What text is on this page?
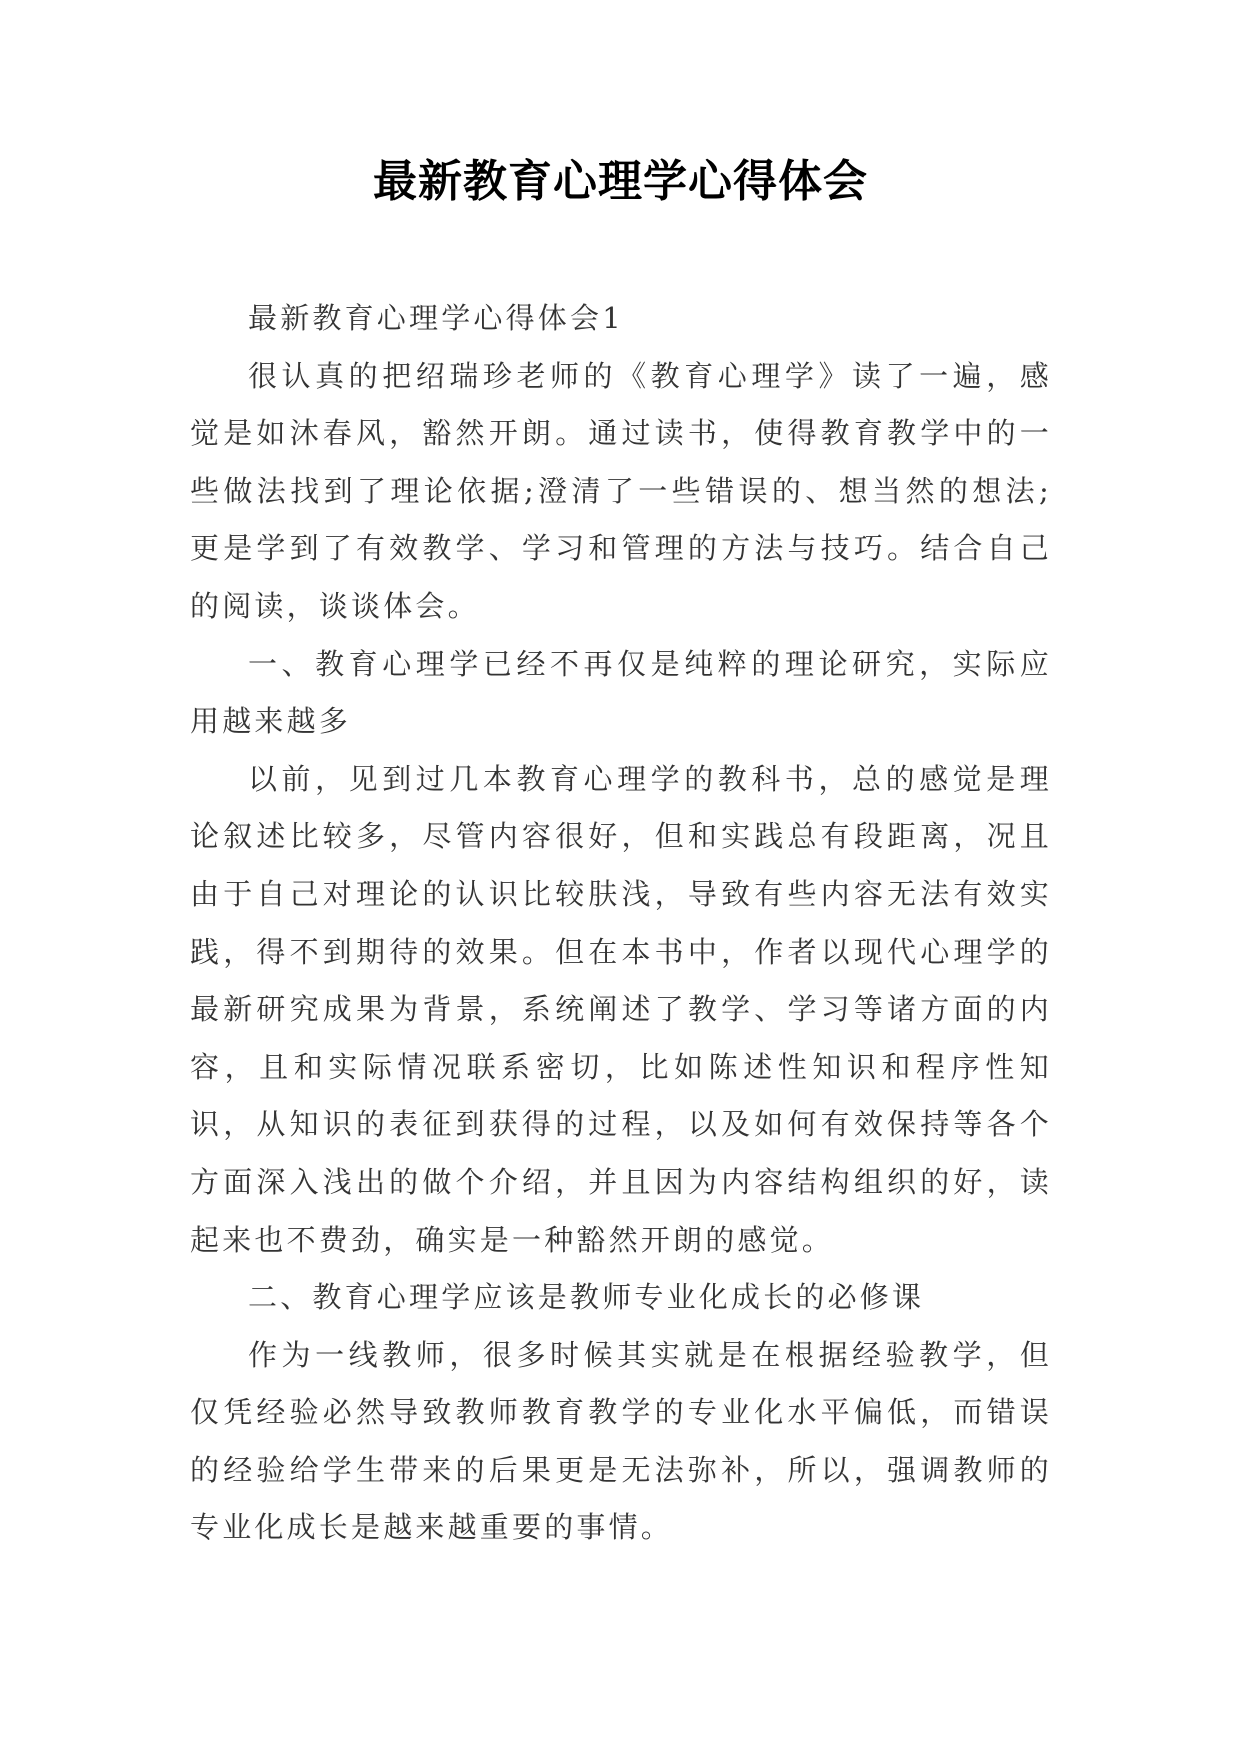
最新教育心理学心得体会

最新教育心理学心得体会1

很认真的把绍瑞珍老师的《教育心理学》读了一遍，感觉是如沐春风，豁然开朗。通过读书，使得教育教学中的一些做法找到了理论依据;澄清了一些错误的、想当然的想法;更是学到了有效教学、学习和管理的方法与技巧。结合自己的阅读，谈谈体会。

一、教育心理学已经不再仅是纯粹的理论研究，实际应用越来越多

以前，见到过几本教育心理学的教科书，总的感觉是理论叙述比较多，尽管内容很好，但和实践总有段距离，况且由于自己对理论的认识比较肤浅，导致有些内容无法有效实践，得不到期待的效果。但在本书中，作者以现代心理学的最新研究成果为背景，系统阐述了教学、学习等诸方面的内容，且和实际情况联系密切，比如陈述性知识和程序性知识，从知识的表征到获得的过程，以及如何有效保持等各个方面深入浅出的做个介绍，并且因为内容结构组织的好，读起来也不费劲，确实是一种豁然开朗的感觉。

二、教育心理学应该是教师专业化成长的必修课

作为一线教师，很多时候其实就是在根据经验教学，但仅凭经验必然导致教师教育教学的专业化水平偏低，而错误的经验给学生带来的后果更是无法弥补，所以，强调教师的专业化成长是越来越重要的事情。
